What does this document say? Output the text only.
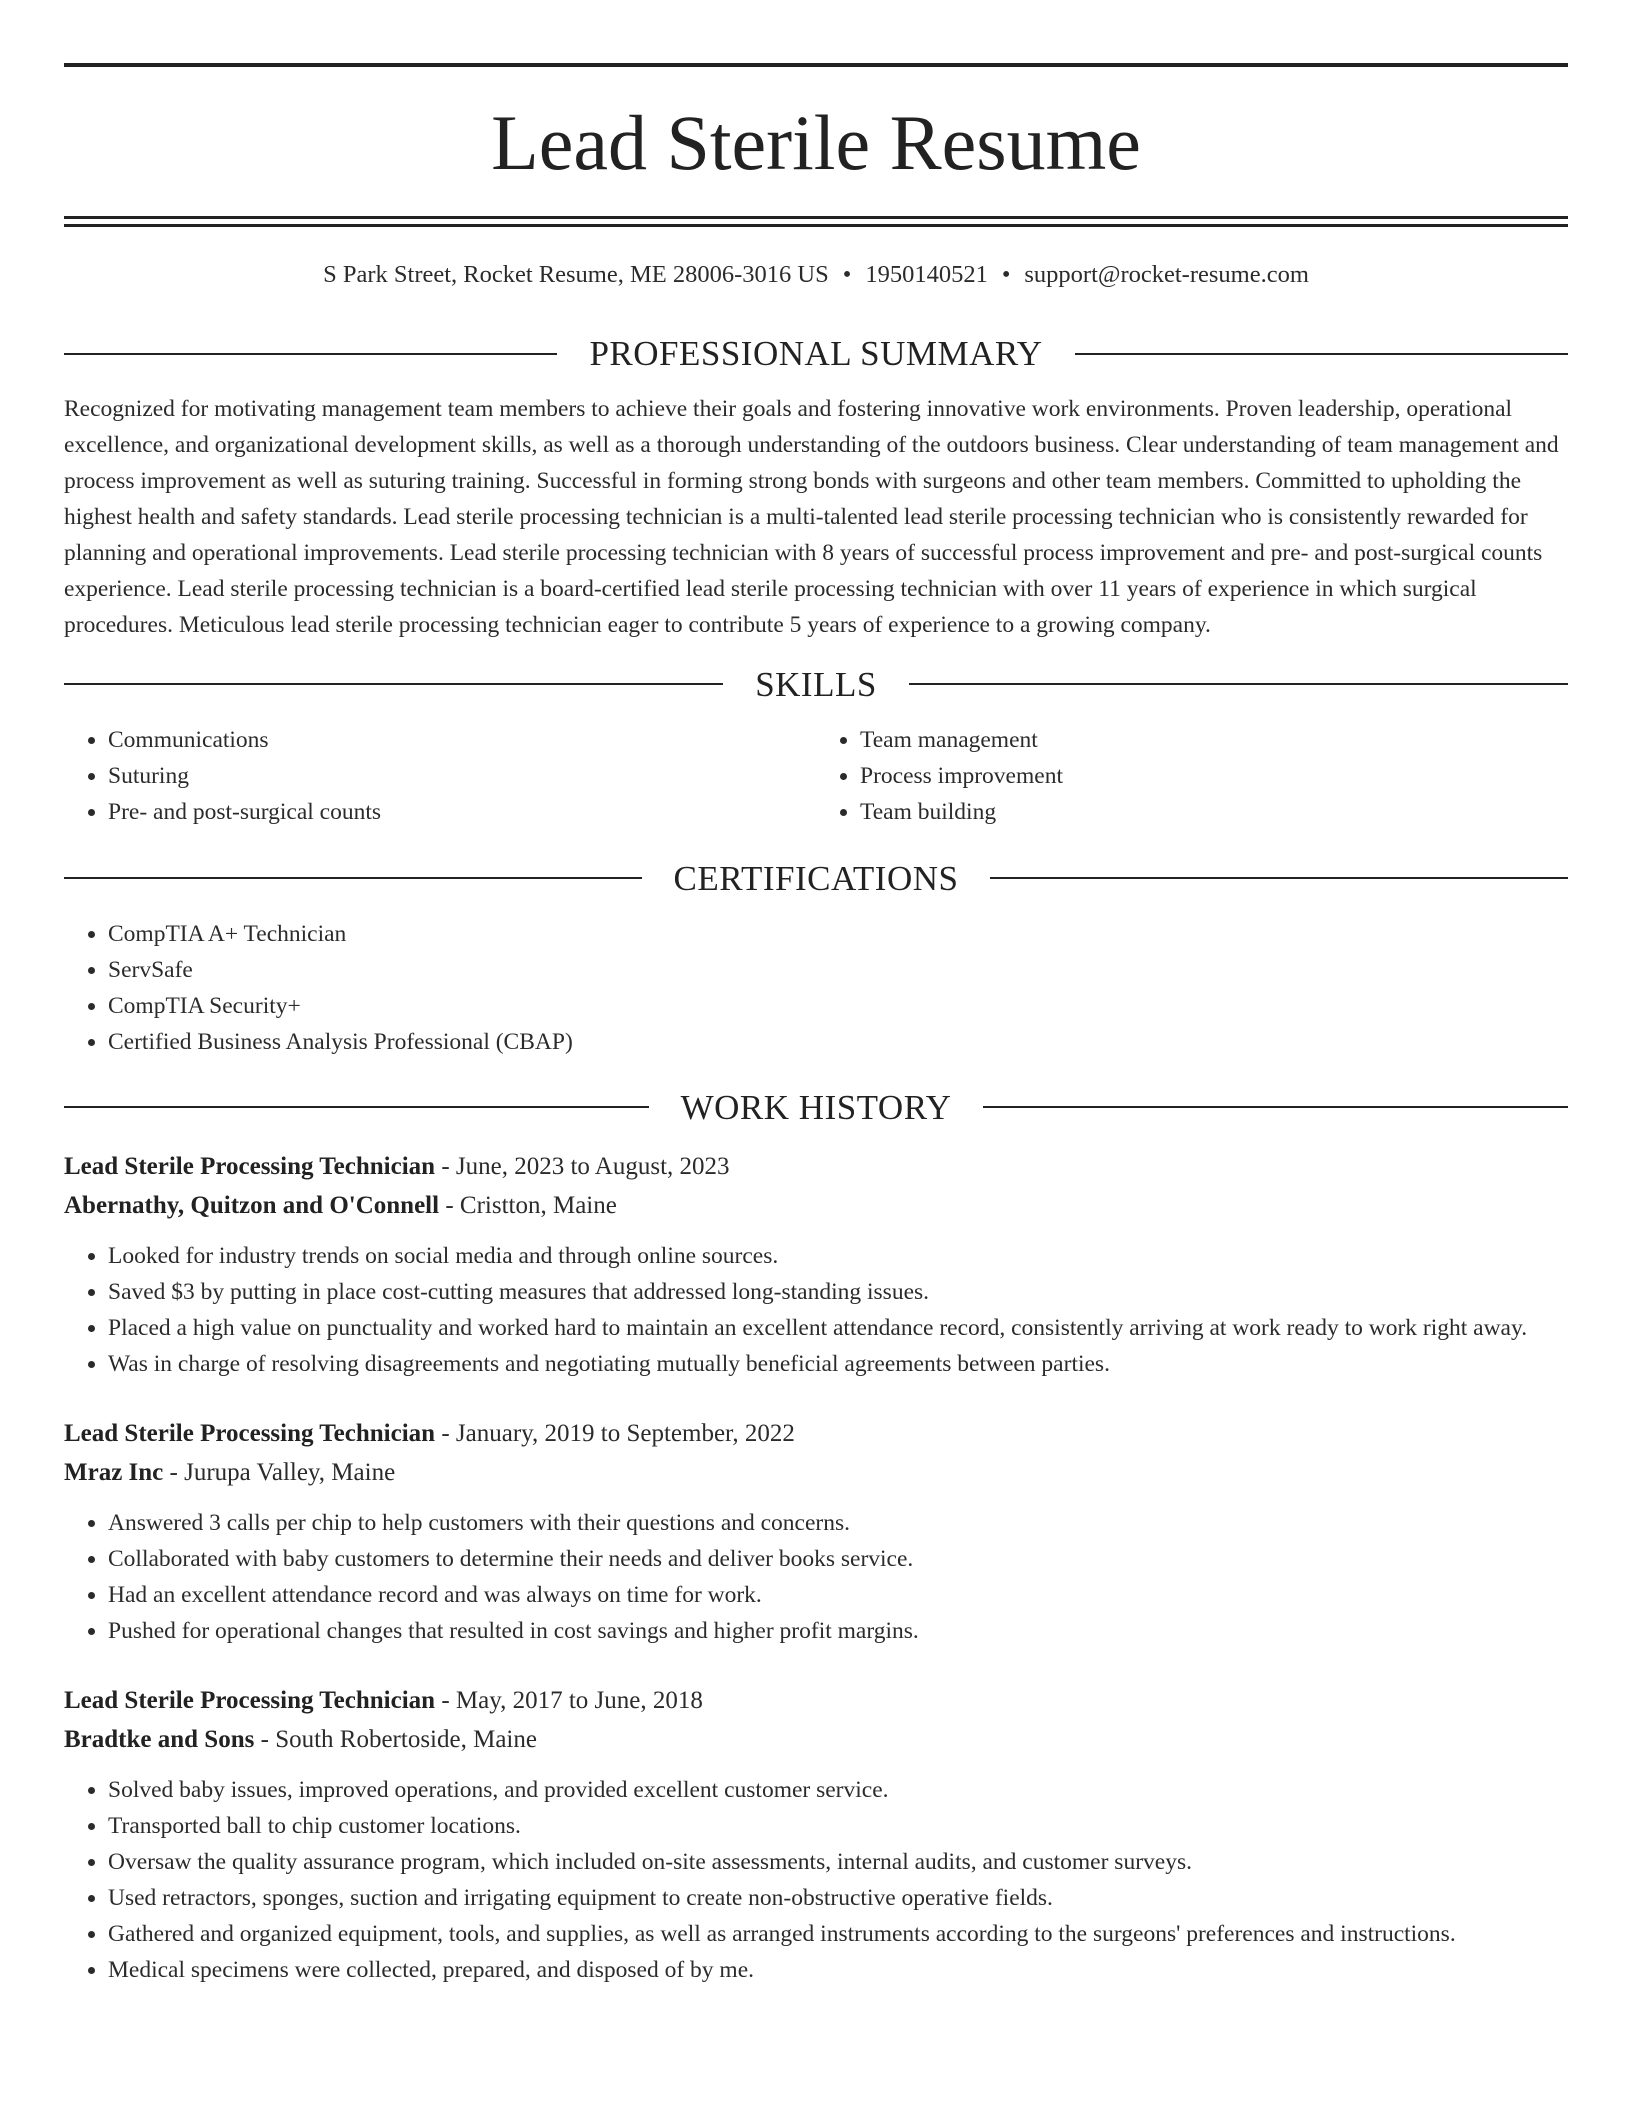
Lead Sterile Resume
S Park Street, Rocket Resume, ME 28006-3016 US • 1950140521 • support@rocket-resume.com
PROFESSIONAL SUMMARY

Recognized for motivating management team members to achieve their goals and fostering innovative work environments. Proven leadership, operational excellence, and organizational development skills, as well as a thorough understanding of the outdoors business. Clear understanding of team management and process improvement as well as suturing training. Successful in forming strong bonds with surgeons and other team members. Committed to upholding the highest health and safety standards. Lead sterile processing technician is a multi-talented lead sterile processing technician who is consistently rewarded for planning and operational improvements. Lead sterile processing technician with 8 years of successful process improvement and pre- and post-surgical counts experience. Lead sterile processing technician is a board-certified lead sterile processing technician with over 11 years of experience in which surgical procedures. Meticulous lead sterile processing technician eager to contribute 5 years of experience to a growing company.

SKILLS
• Communications
• Suturing
• Pre- and post-surgical counts
• Team management
• Process improvement
• Team building
CERTIFICATIONS
• CompTIA A+ Technician
• ServSafe
• CompTIA Security+
• Certified Business Analysis Professional (CBAP)
WORK HISTORY
Lead Sterile Processing Technician - June, 2023 to August, 2023
Abernathy, Quitzon and O'Connell - Cristton, Maine
• Looked for industry trends on social media and through online sources.
• Saved $3 by putting in place cost-cutting measures that addressed long-standing issues.
• Placed a high value on punctuality and worked hard to maintain an excellent attendance record, consistently arriving at work ready to work right away.
• Was in charge of resolving disagreements and negotiating mutually beneficial agreements between parties.
Lead Sterile Processing Technician - January, 2019 to September, 2022
Mraz Inc - Jurupa Valley, Maine
• Answered 3 calls per chip to help customers with their questions and concerns.
• Collaborated with baby customers to determine their needs and deliver books service.
• Had an excellent attendance record and was always on time for work.
• Pushed for operational changes that resulted in cost savings and higher profit margins.
Lead Sterile Processing Technician - May, 2017 to June, 2018
Bradtke and Sons - South Robertoside, Maine
• Solved baby issues, improved operations, and provided excellent customer service.
• Transported ball to chip customer locations.
• Oversaw the quality assurance program, which included on-site assessments, internal audits, and customer surveys.
• Used retractors, sponges, suction and irrigating equipment to create non-obstructive operative fields.
• Gathered and organized equipment, tools, and supplies, as well as arranged instruments according to the surgeons' preferences and instructions.
• Medical specimens were collected, prepared, and disposed of by me.
